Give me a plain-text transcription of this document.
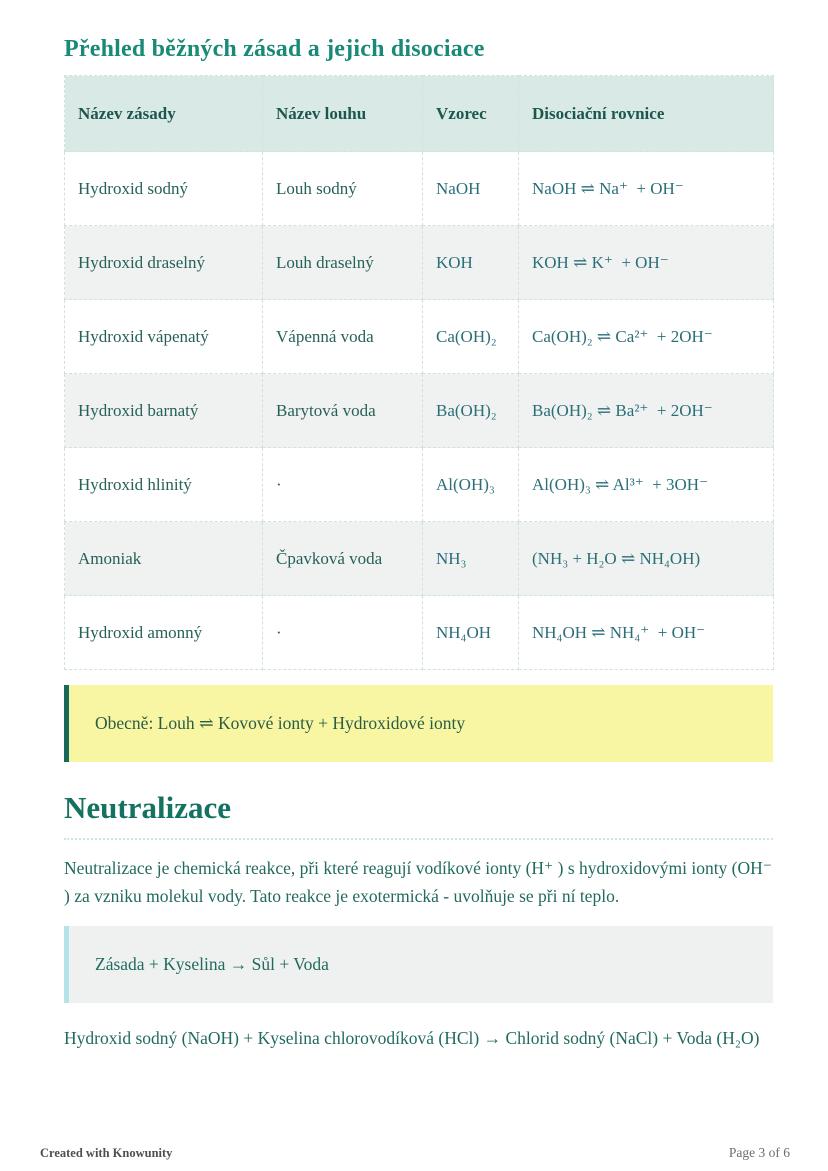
Přehled běžných zásad a jejich disociace
Název zásady	Název louhu	Vzorec	Disociační rovnice
Hydroxid sodný	Louh sodný	NaOH	NaOH ⇌ Na⁺  + OH⁻
Hydroxid draselný	Louh draselný	KOH	KOH ⇌ K⁺  + OH⁻
Hydroxid vápenatý	Vápenná voda	Ca(OH)₂	Ca(OH)₂ ⇌ Ca²⁺  + 2OH⁻
Hydroxid barnatý	Barytová voda	Ba(OH)₂	Ba(OH)₂ ⇌ Ba²⁺  + 2OH⁻
Hydroxid hlinitý	·	Al(OH)₃	Al(OH)₃ ⇌ Al³⁺  + 3OH⁻
Amoniak	Čpavková voda	NH₃	(NH₃ + H₂O ⇌ NH₄OH)
Hydroxid amonný	·	NH₄OH	NH₄OH ⇌ NH₄⁺  + OH⁻
Obecně: Louh ⇌ Kovové ionty + Hydroxidové ionty
Neutralizace

Neutralizace je chemická reakce, při které reagují vodíkové ionty (H⁺ ) s hydroxidovými ionty (OH⁻ ) za vzniku molekul vody. Tato reakce je exotermická - uvolňuje se při ní teplo.

Zásada + Kyselina → Sůl + Voda

Hydroxid sodný (NaOH) + Kyselina chlorovodíková (HCl) → Chlorid sodný (NaCl) + Voda (H₂O)

Created with Knowunity	Page 3 of 6
